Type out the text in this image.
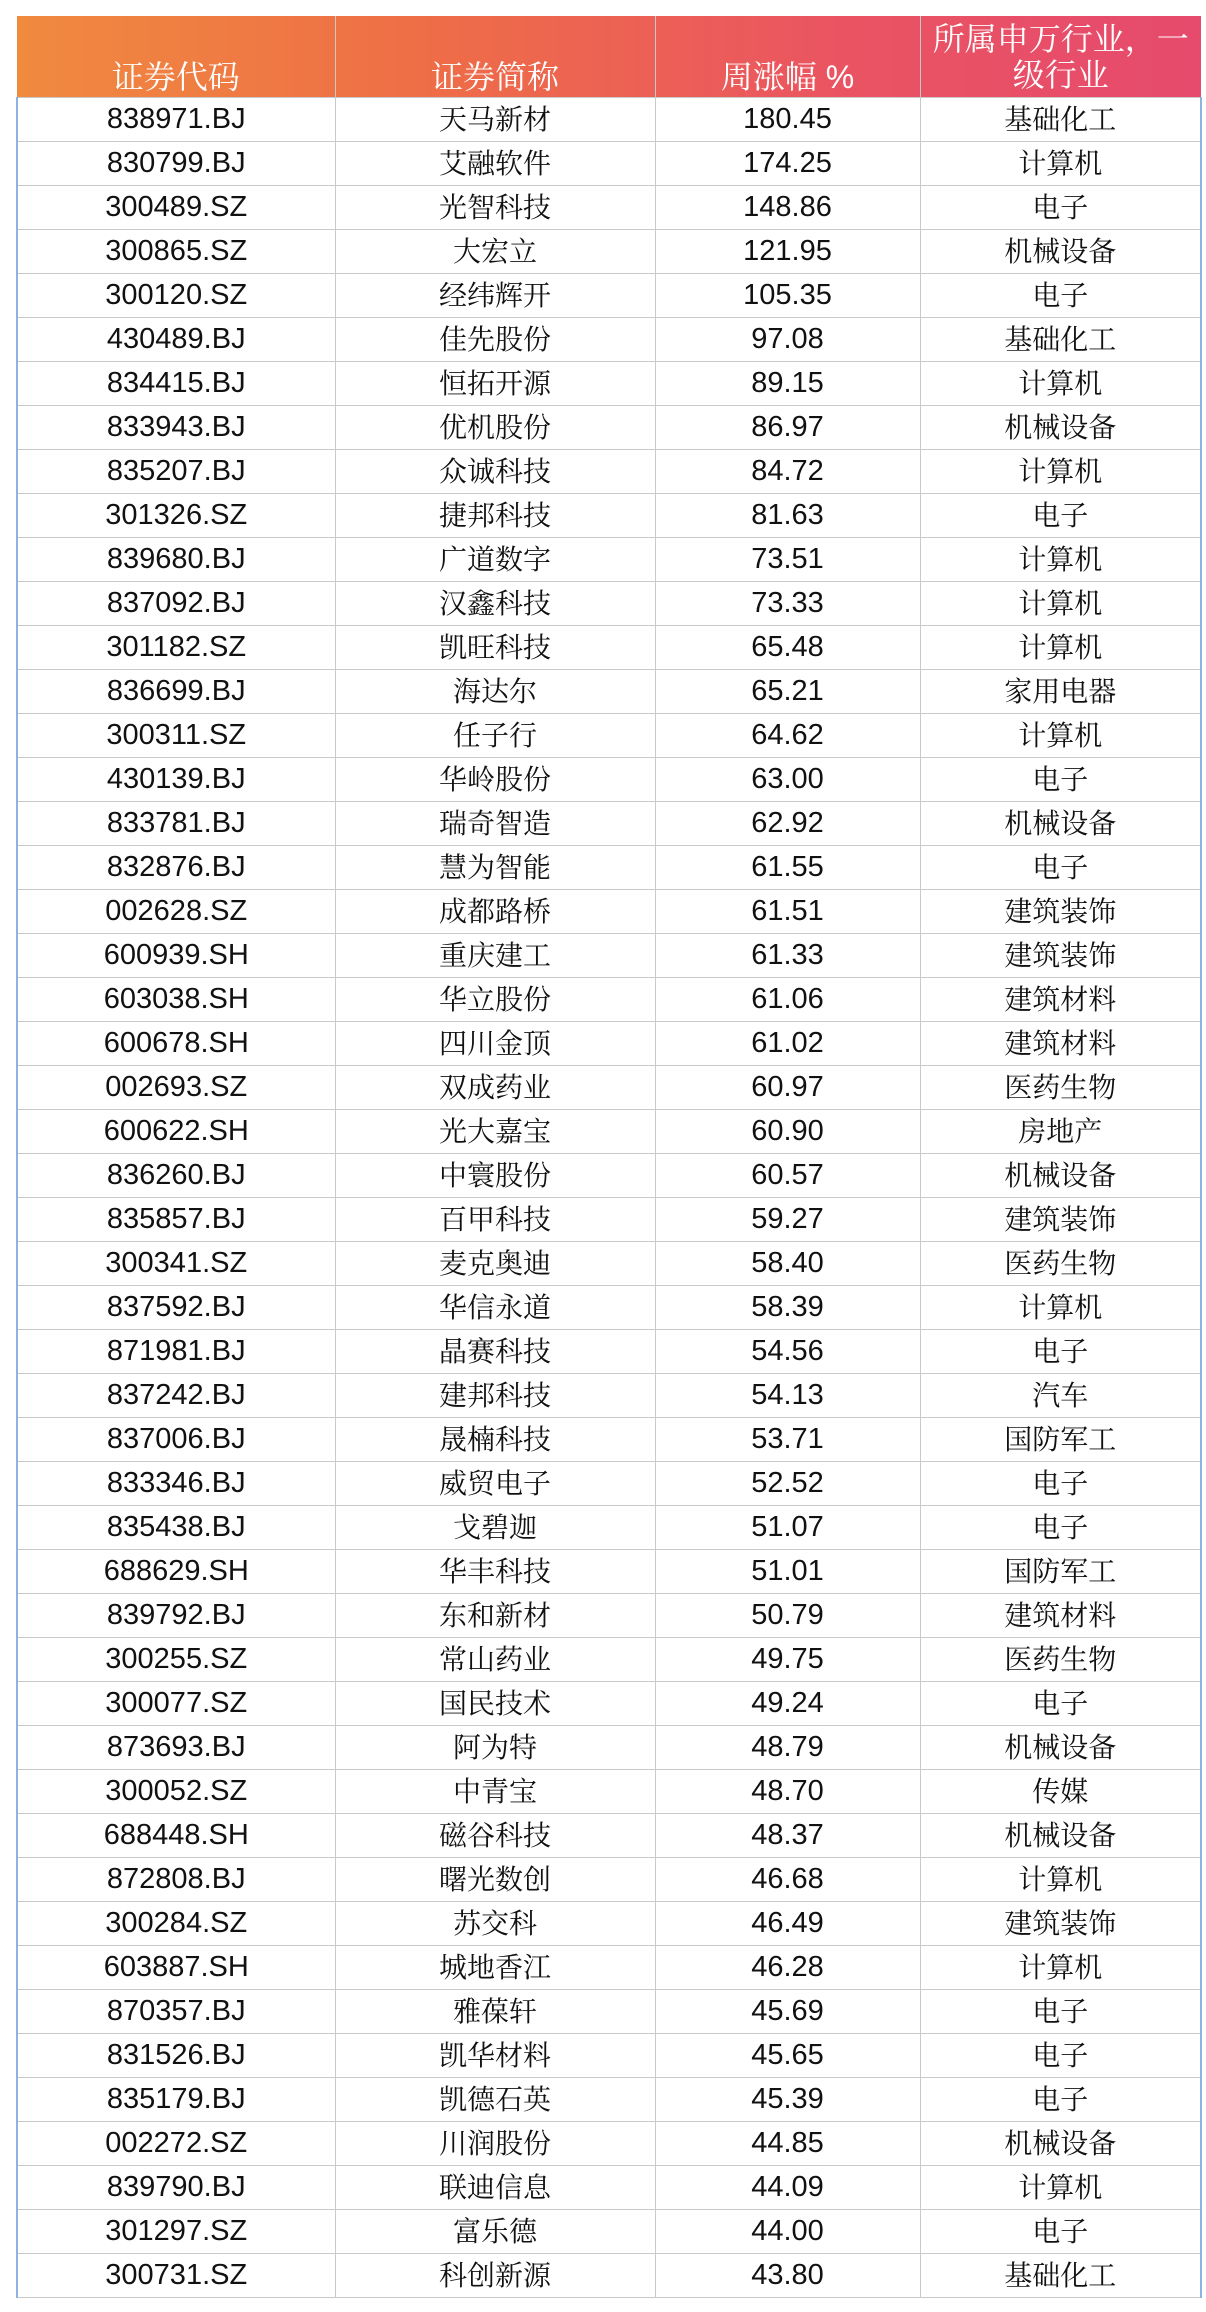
证券代码	证券简称	周涨幅 %	所属申万行业，一级行业
838971.BJ	天马新材	180.45	基础化工
830799.BJ	艾融软件	174.25	计算机
300489.SZ	光智科技	148.86	电子
300865.SZ	大宏立	121.95	机械设备
300120.SZ	经纬辉开	105.35	电子
430489.BJ	佳先股份	97.08	基础化工
834415.BJ	恒拓开源	89.15	计算机
833943.BJ	优机股份	86.97	机械设备
835207.BJ	众诚科技	84.72	计算机
301326.SZ	捷邦科技	81.63	电子
839680.BJ	广道数字	73.51	计算机
837092.BJ	汉鑫科技	73.33	计算机
301182.SZ	凯旺科技	65.48	计算机
836699.BJ	海达尔	65.21	家用电器
300311.SZ	任子行	64.62	计算机
430139.BJ	华岭股份	63.00	电子
833781.BJ	瑞奇智造	62.92	机械设备
832876.BJ	慧为智能	61.55	电子
002628.SZ	成都路桥	61.51	建筑装饰
600939.SH	重庆建工	61.33	建筑装饰
603038.SH	华立股份	61.06	建筑材料
600678.SH	四川金顶	61.02	建筑材料
002693.SZ	双成药业	60.97	医药生物
600622.SH	光大嘉宝	60.90	房地产
836260.BJ	中寰股份	60.57	机械设备
835857.BJ	百甲科技	59.27	建筑装饰
300341.SZ	麦克奥迪	58.40	医药生物
837592.BJ	华信永道	58.39	计算机
871981.BJ	晶赛科技	54.56	电子
837242.BJ	建邦科技	54.13	汽车
837006.BJ	晟楠科技	53.71	国防军工
833346.BJ	威贸电子	52.52	电子
835438.BJ	戈碧迦	51.07	电子
688629.SH	华丰科技	51.01	国防军工
839792.BJ	东和新材	50.79	建筑材料
300255.SZ	常山药业	49.75	医药生物
300077.SZ	国民技术	49.24	电子
873693.BJ	阿为特	48.79	机械设备
300052.SZ	中青宝	48.70	传媒
688448.SH	磁谷科技	48.37	机械设备
872808.BJ	曙光数创	46.68	计算机
300284.SZ	苏交科	46.49	建筑装饰
603887.SH	城地香江	46.28	计算机
870357.BJ	雅葆轩	45.69	电子
831526.BJ	凯华材料	45.65	电子
835179.BJ	凯德石英	45.39	电子
002272.SZ	川润股份	44.85	机械设备
839790.BJ	联迪信息	44.09	计算机
301297.SZ	富乐德	44.00	电子
300731.SZ	科创新源	43.80	基础化工
